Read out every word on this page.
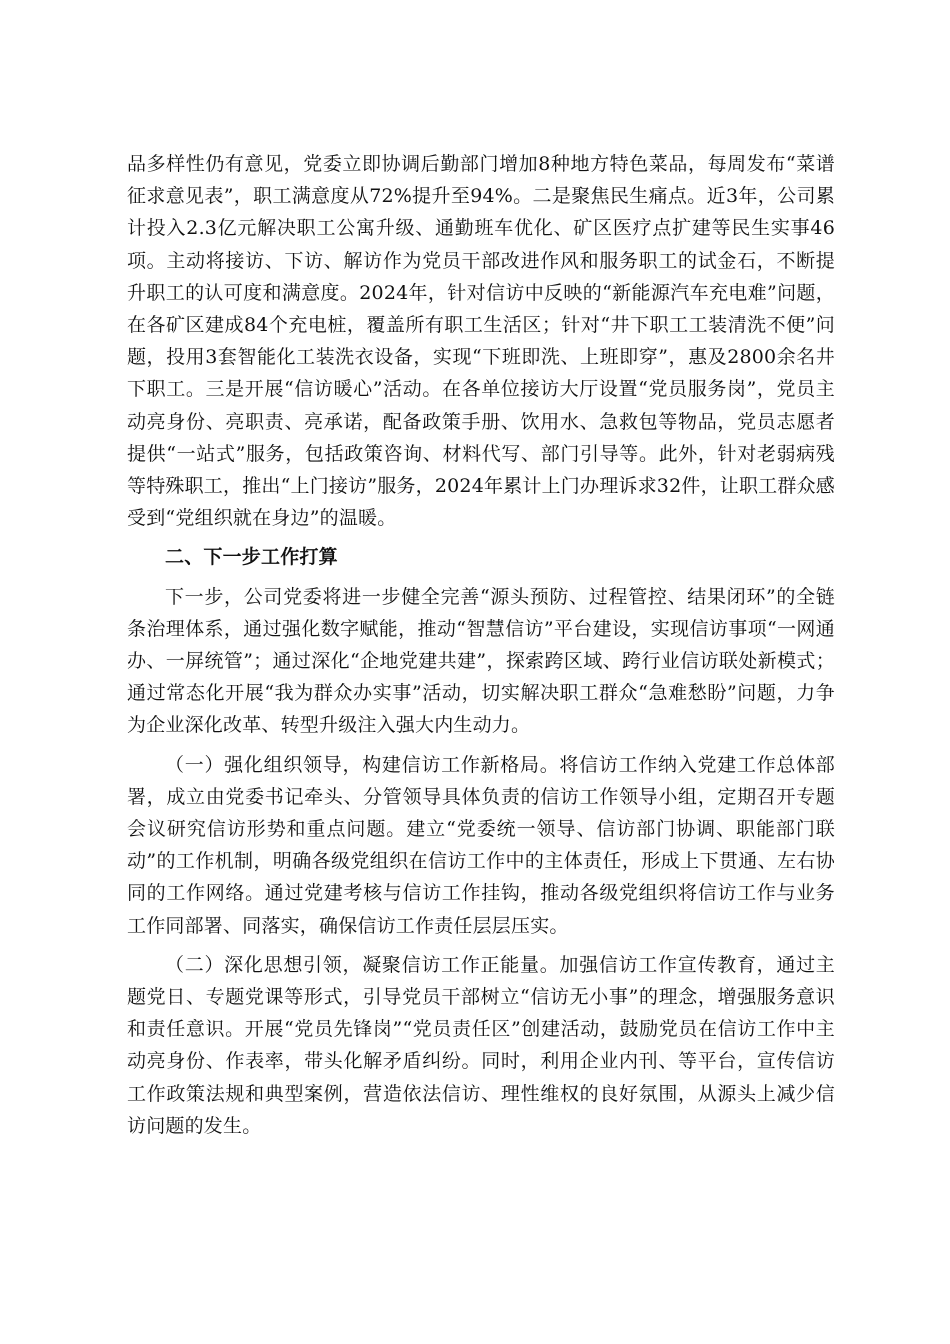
品多样性仍有意见，党委立即协调后勤部门增加8种地方特色菜品，每周发布“菜谱征求意见表”，职工满意度从72%提升至94%。二是聚焦民生痛点。近3年，公司累计投入2.3亿元解决职工公寓升级、通勤班车优化、矿区医疗点扩建等民生实事46项。主动将接访、下访、解访作为党员干部改进作风和服务职工的试金石，不断提升职工的认可度和满意度。2024年，针对信访中反映的“新能源汽车充电难”问题，在各矿区建成84个充电桩，覆盖所有职工生活区；针对“井下职工工装清洗不便”问题，投用3套智能化工装洗衣设备，实现“下班即洗、上班即穿”，惠及2800余名井下职工。三是开展“信访暖心”活动。在各单位接访大厅设置“党员服务岗”，党员主动亮身份、亮职责、亮承诺，配备政策手册、饮用水、急救包等物品，党员志愿者提供“一站式”服务，包括政策咨询、材料代写、部门引导等。此外，针对老弱病残等特殊职工，推出“上门接访”服务，2024年累计上门办理诉求32件，让职工群众感受到“党组织就在身边”的温暖。

二、下一步工作打算

下一步，公司党委将进一步健全完善“源头预防、过程管控、结果闭环”的全链条治理体系，通过强化数字赋能，推动“智慧信访”平台建设，实现信访事项“一网通办、一屏统管”；通过深化“企地党建共建”，探索跨区域、跨行业信访联处新模式；通过常态化开展“我为群众办实事”活动，切实解决职工群众“急难愁盼”问题，力争为企业深化改革、转型升级注入强大内生动力。

（一）强化组织领导，构建信访工作新格局。将信访工作纳入党建工作总体部署，成立由党委书记牵头、分管领导具体负责的信访工作领导小组，定期召开专题会议研究信访形势和重点问题。建立“党委统一领导、信访部门协调、职能部门联动”的工作机制，明确各级党组织在信访工作中的主体责任，形成上下贯通、左右协同的工作网络。通过党建考核与信访工作挂钩，推动各级党组织将信访工作与业务工作同部署、同落实，确保信访工作责任层层压实。

（二）深化思想引领，凝聚信访工作正能量。加强信访工作宣传教育，通过主题党日、专题党课等形式，引导党员干部树立“信访无小事”的理念，增强服务意识和责任意识。开展“党员先锋岗”“党员责任区”创建活动，鼓励党员在信访工作中主动亮身份、作表率，带头化解矛盾纠纷。同时，利用企业内刊、等平台，宣传信访工作政策法规和典型案例，营造依法信访、理性维权的良好氛围，从源头上减少信访问题的发生。
